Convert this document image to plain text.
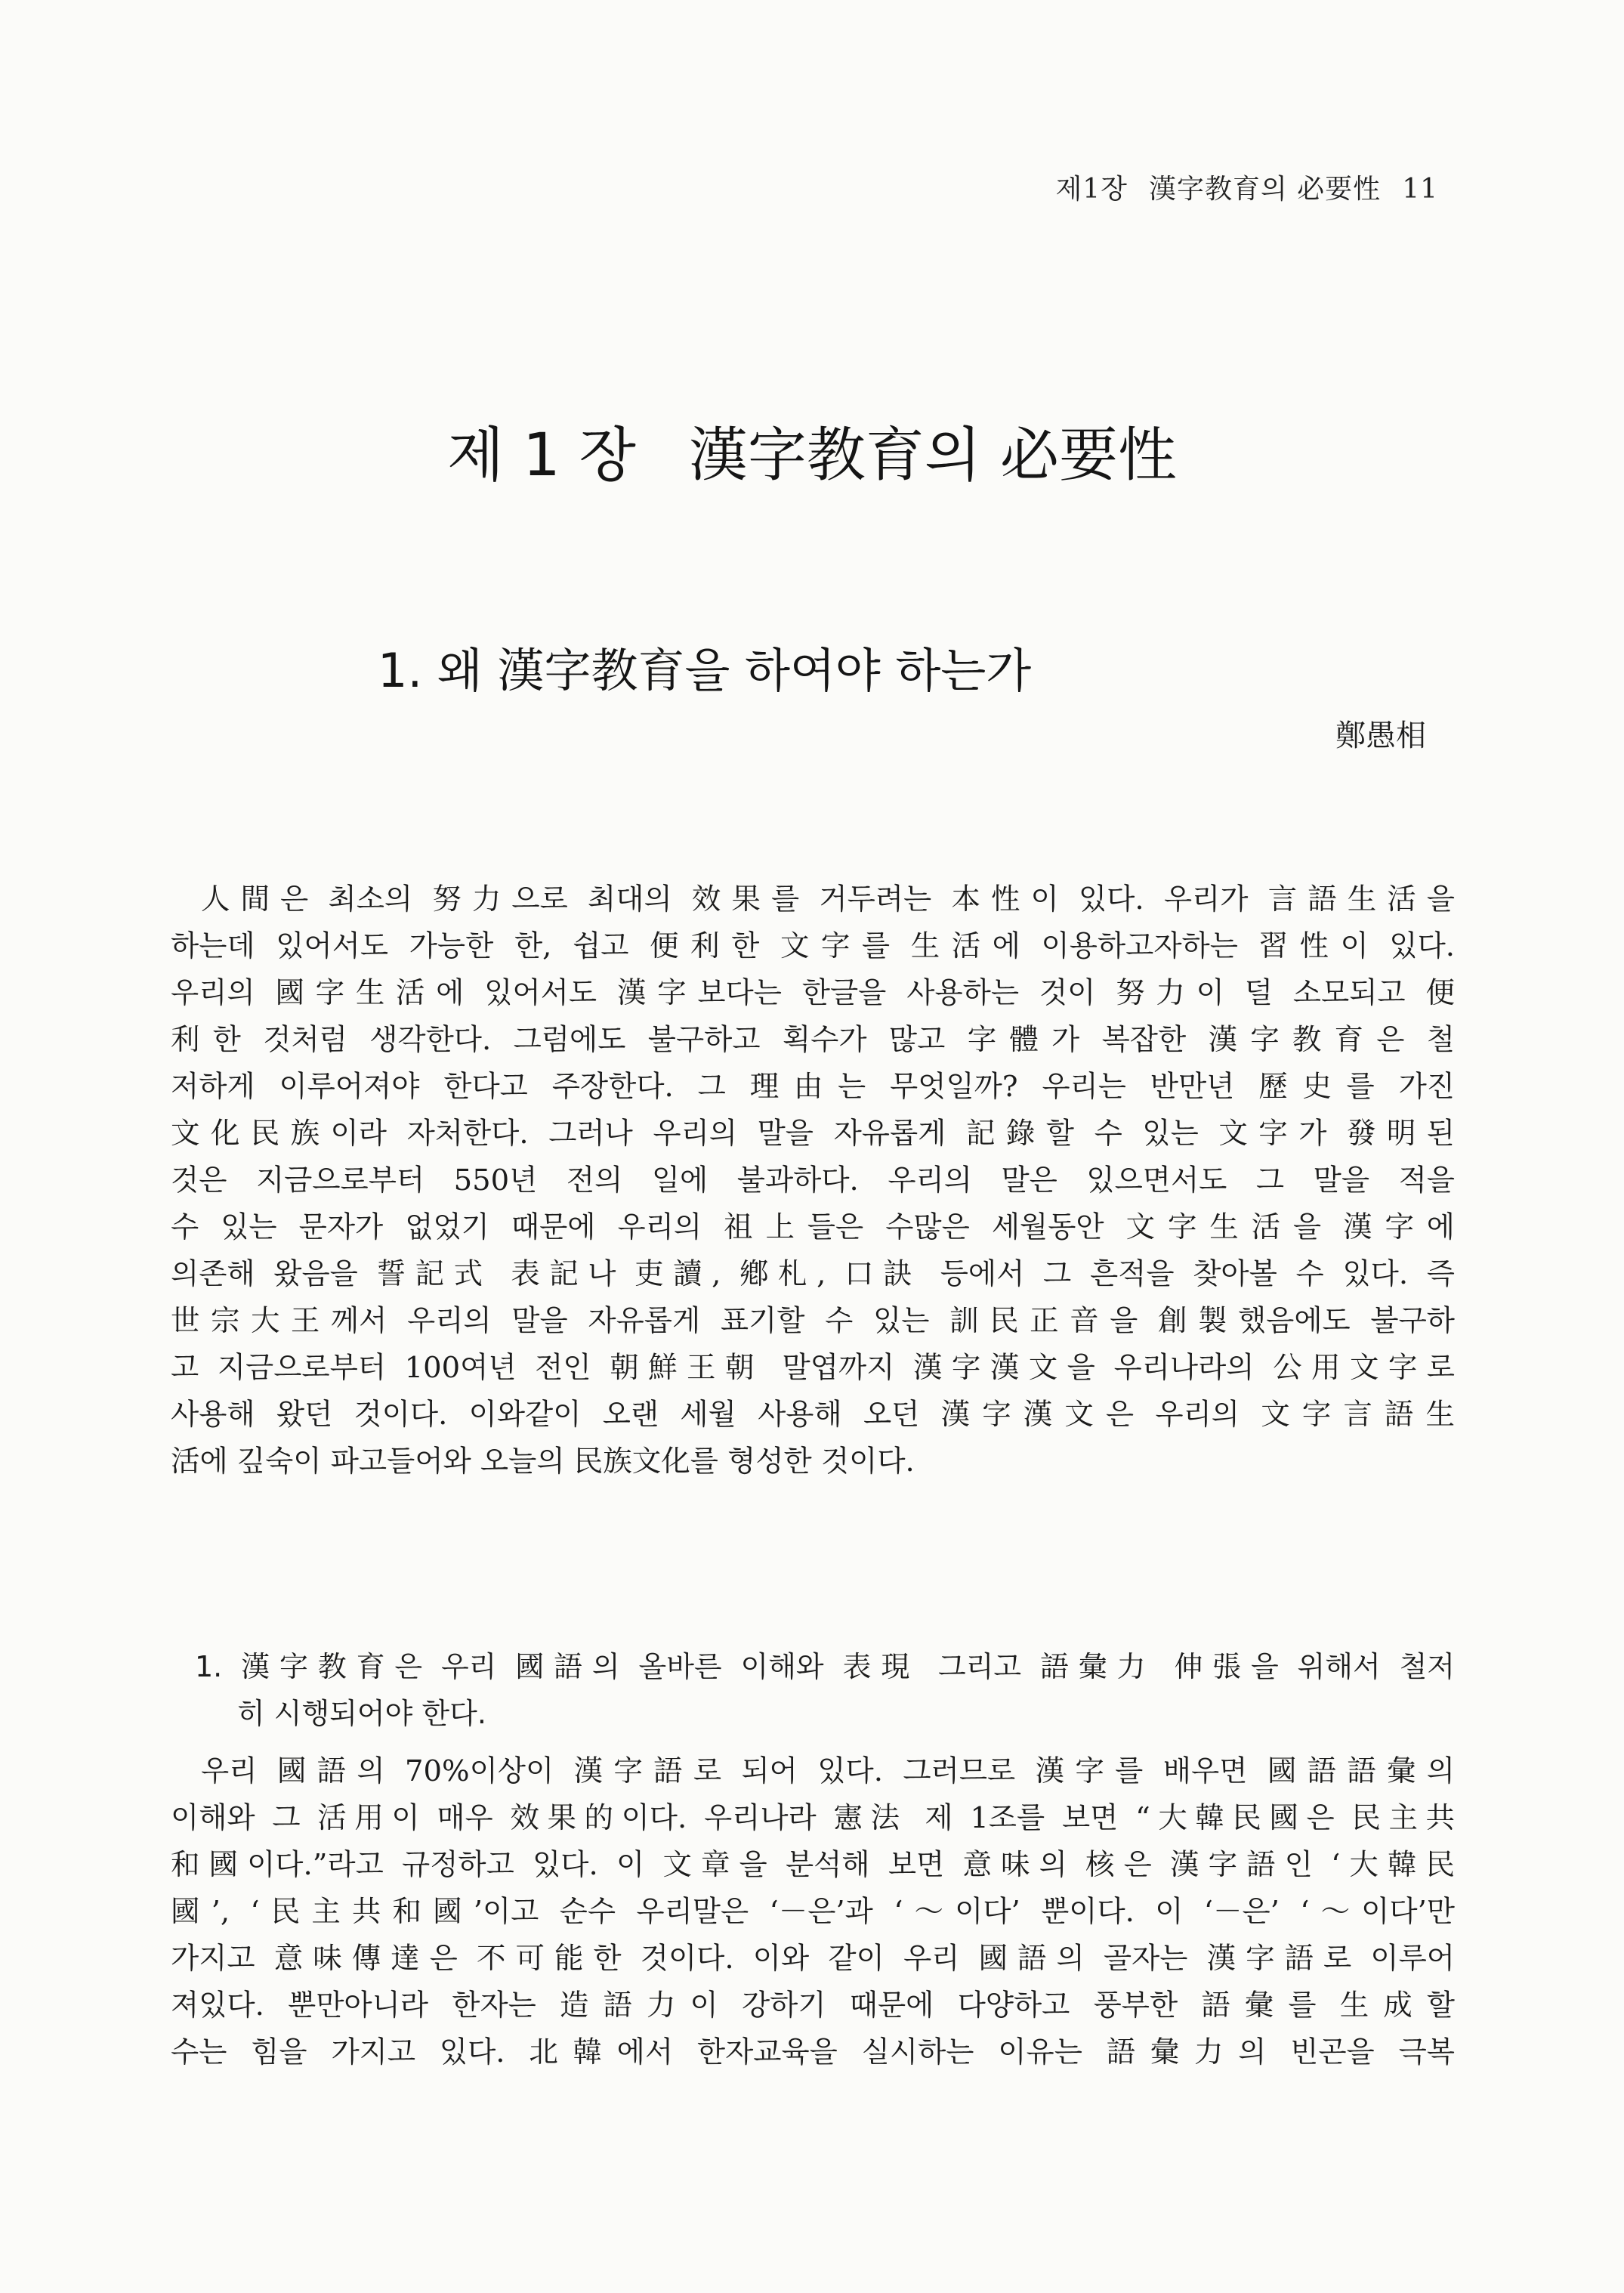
제1장 漢字教育의 必要性 11
제 1 장 漢字教育의 必要性
1. 왜 漢字教育을 하여야 하는가
鄭愚相
人間은 최소의 努力으로 최대의 效果를 거두려는 本性이 있다. 우리가 言語生活을
하는데 있어서도 가능한 한, 쉽고 便利한 文字를 生活에 이용하고자하는 習性이 있다.
우리의 國字生活에 있어서도 漢字보다는 한글을 사용하는 것이 努力이 덜 소모되고 便
利한 것처럼 생각한다. 그럼에도 불구하고 획수가 많고 字體가 복잡한 漢字教育은 철
저하게 이루어져야 한다고 주장한다. 그 理由는 무엇일까? 우리는 반만년 歷史를 가진
文化民族이라 자처한다. 그러나 우리의 말을 자유롭게 記錄할 수 있는 文字가 發明된
것은 지금으로부터 550년 전의 일에 불과하다. 우리의 말은 있으면서도 그 말을 적을
수 있는 문자가 없었기 때문에 우리의 祖上들은 수많은 세월동안 文字生活을 漢字에
의존해 왔음을 誓記式 表記나 吏讀, 鄕札, 口訣 등에서 그 흔적을 찾아볼 수 있다. 즉
世宗大王께서 우리의 말을 자유롭게 표기할 수 있는 訓民正音을 創製했음에도 불구하
고 지금으로부터 100여년 전인 朝鮮王朝 말엽까지 漢字漢文을 우리나라의 公用文字로
사용해 왔던 것이다. 이와같이 오랜 세월 사용해 오던 漢字漢文은 우리의 文字言語生
活에 깊숙이 파고들어와 오늘의 民族文化를 형성한 것이다.
1. 漢字教育은 우리 國語의 올바른 이해와 表現 그리고 語彙力 伸張을 위해서 철저
히 시행되어야 한다.
우리 國語의 70%이상이 漢字語로 되어 있다. 그러므로 漢字를 배우면 國語語彙의
이해와 그 活用이 매우 效果的이다. 우리나라 憲法 제 1조를 보면 “大韓民國은 民主共
和國이다.”라고 규정하고 있다. 이 文章을 분석해 보면 意味의 核은 漢字語인 ‘大韓民
國’, ‘民主共和國’이고 순수 우리말은 ‘－은’과 ‘～이다’ 뿐이다. 이 ‘－은’ ‘～이다’만
가지고 意味傳達은 不可能한 것이다. 이와 같이 우리 國語의 골자는 漢字語로 이루어
져있다. 뿐만아니라 한자는 造語力이 강하기 때문에 다양하고 풍부한 語彙를 生成할
수는 힘을 가지고 있다. 北韓에서 한자교육을 실시하는 이유는 語彙力의 빈곤을 극복
